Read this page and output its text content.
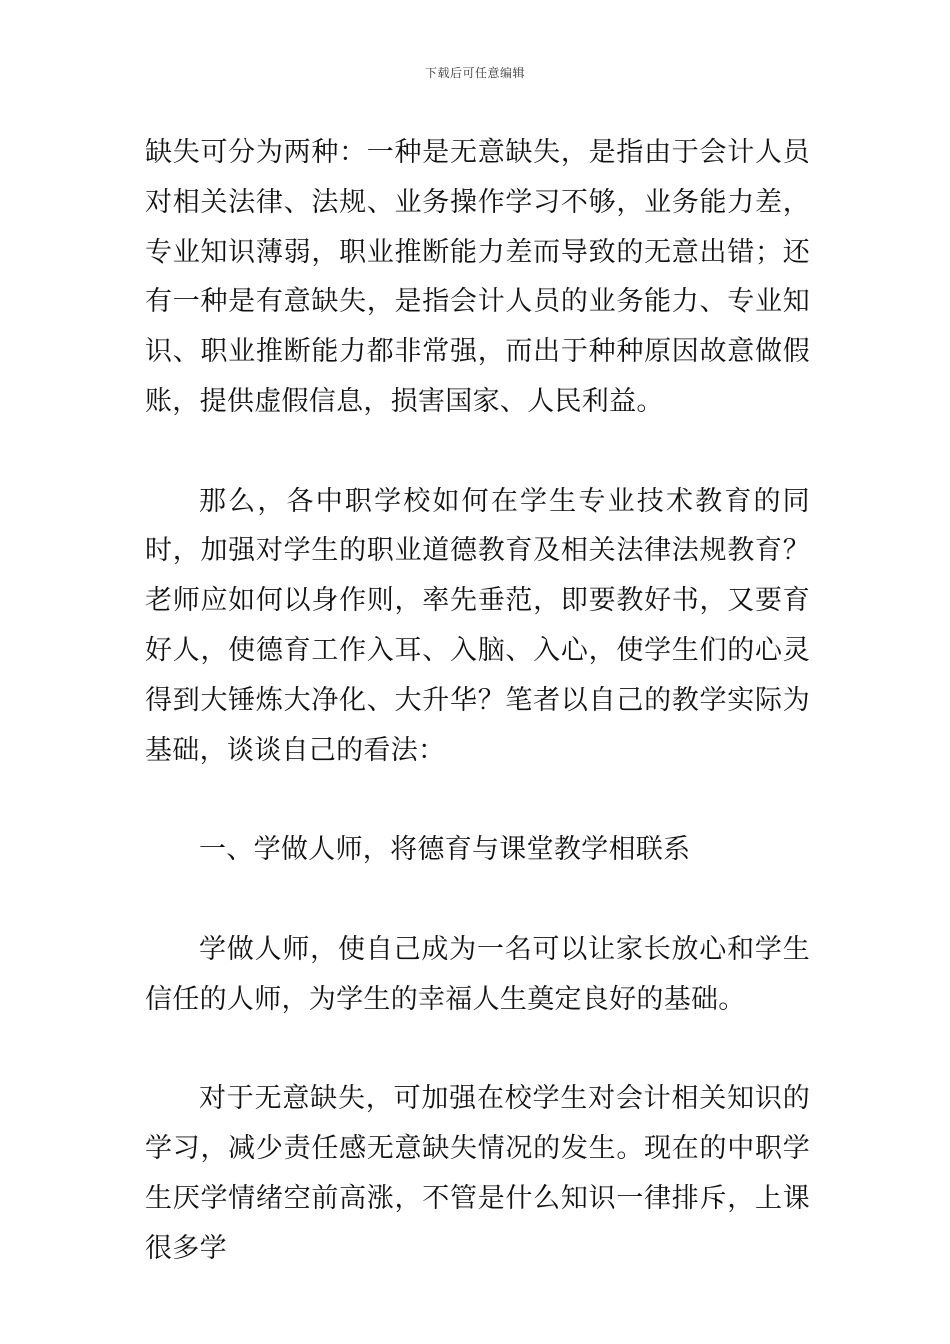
下载后可任意编辑

缺失可分为两种：一种是无意缺失，是指由于会计人员对相关法律、法规、业务操作学习不够，业务能力差，专业知识薄弱，职业推断能力差而导致的无意出错；还有一种是有意缺失，是指会计人员的业务能力、专业知识、职业推断能力都非常强，而出于种种原因故意做假账，提供虚假信息，损害国家、人民利益。

那么，各中职学校如何在学生专业技术教育的同时，加强对学生的职业道德教育及相关法律法规教育？老师应如何以身作则，率先垂范，即要教好书，又要育好人，使德育工作入耳、入脑、入心，使学生们的心灵得到大锤炼大净化、大升华？笔者以自己的教学实际为基础，谈谈自己的看法：

一、学做人师，将德育与课堂教学相联系

学做人师，使自己成为一名可以让家长放心和学生信任的人师，为学生的幸福人生奠定良好的基础。

对于无意缺失，可加强在校学生对会计相关知识的学习，减少责任感无意缺失情况的发生。现在的中职学生厌学情绪空前高涨，不管是什么知识一律排斥，上课很多学
